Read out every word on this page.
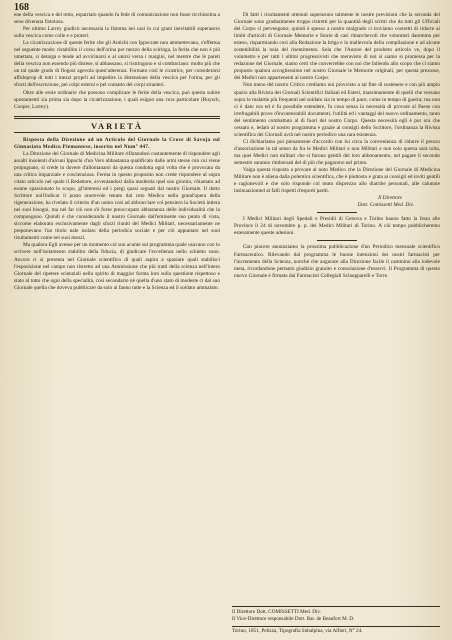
168

ene della vescica e del retto, espatriato quando fa fede di comunicazione non fosse ricchissima a seno divenuta fistolosa.

Per ultimo Larrey giudicò necessaria la fistoma nei casi in cui grani inevitabili superasero sulla vescica come colle e e proteri.

La cicatrizzazione di queste ferite che gli Antichi con Ippocrate non ammettevano, s'effettua nel seguente modo: ristabilito il corso dell'orina per mezzo della sciringa, la ferita che non è più umettata, si detarga e tende ad avvicinarsi e al unirsi versa i margini, nel mentre che le pareti della vescica non essendo più distese, si abbassano, si ristringono e si combaciano: molto più che un tal quale grado di flogosi agevola quest'aderenza. Formato così le cicatrice, per considerarsi affidoprop di tutti i mezzi proprii ad impedire la distensione della vescica per l'orina, per gli sforzi dell'escrezione, pei colpi esterni e pel contatto dei corpi stranieri.

Oltre alle eroie ordinarie che possono complicare le ferite della vescica, può questa subire spostamenti sia prima sia dopo la cicatrizzazione, i quali esigon una cura particolare (Ruysch, Cooper, Larrey).

VARIETÀ

Risposta della Direzione ad un Articolo del Giornale la Croce di Savoja sul Ginnasiato Medico Piemontese, inserito nel Num° 447.

La Direzione del Giornale di Medicina Militare riflutandosi costantemente di rispondere agli assalti insolenti d'alcuni Ippochi d'un Vero abbastanza qualificato dalle armi stesse con cui viene propugnato, si crede in dovere d'allontanarsi da questa condotta ogni volta che è provocata da una critica imparziale e coscienziosa. Ferma in questo proposito non crede rispondere al sopra citato articolo nel quale il Redattore, avventandosi dalla modestia quel suo giornio, chiamato ad esame spassionato lo scopo, gl'interessi ed i pregi quasi seguati dal nostro Giornale. Il dotto Scrittore noll'indicar il posto onorevole tenuto dal ceto Medico nella grand'opera della rigenerazione, ha rivelato il criterio d'un uomo così ad abbracciare col pensiero la Società intiera nei suoi bisogni, ma nel far ciò non s'è forse preoccupato abbastanza delle individualità che la compongono. Quindi è che considerando il nostro Giornale dall'eminente suo punto di vista, siccome elaborato esclusivamente dagli sforzi riuniti dei Medici Militari, necessariamente ne preponevano l'un titolo nale isolato della periodica sociale e per ciò appuntato nel suoi risultamenti come nei suoi mezzi.

Ma qualora Egli avesse per un momento col suo acume sul programma quale usavano con lo scrivere nell'isolamento stabilito della fiducia, di giudicare l'eccellenza nello schietto sono. Ancora ci si presenta nel Giornale scientifico di quali aspira a spaziare quali stabilisci l'esposizione nel campo non ristretto ad una Ammissione che più tratti della scienza nell'intero Giornale del ripetere scienziali nello spirito di maggior forma loro sulla questione rispettoso e stato al tutto che ogni della specialità, così secondario nè quella d'uno stato di modeste ci dal suo Giornale quella che doveva pubblicare da solo ai fanno tutte e la Scienza ed il soldato ammalato.

Di fatti i risultamenti ottenuti superarono talmente le nostre previsioni che la seconda del Giornale sono gradualmente troppo ristretti per la quantità degli scritti che da tutti gli Ufficiali del Corpo ci pervengono; quindi è spesso a nostro malgrado ci troviamo costretti di ridurre ai limiti d'articoli di Giornale Memorie e Storie di casi rimarchevoli che volontieri daremmo per esteso, risparmiando così alla Redazione la briga e la mallevoria della compilazione e ad alcune sostenibilità la noia del risentimento. Sola che l'Autore del prodotto articolo ve, dopo il volumetto e per tutti i ultimi progressivisti che meravisto di noi si siamo si promessa per la redazione del Giornale, siamo certi che converrebbe con noi che fallendo allo scopo che ci siamo proposto qualora accogliessimo nel nostro Giornale le Memorie originali, per questa prezosse, dei Medici non appartenenti al nostro Corpo.

Non meno del nostro Critico crediamo noi provvisto a tal fine di sostenere e con più ampio spazio alla Rivista dei Giornali Scientifici Italiani ed Esteri, massimamente di quelli che versano sopra le malattie più frequenti nel soldato sia in tempo di pace, come in tempo di guerra; ma non ci è dato ora ed è fu possibile estendere, fu cosa senza la necessità di provare al Paese con irrefragabili prove d'incontestabili documenti, l'utilità ed i vantaggi del nuovo ordinamento, tanto del sentimento combattuto al di fuori del nostro Corpo. Questa necessità egli è pur ora che cessato e, ledato al nostro programma e grazie ai consigli dello Scrittore, l'ordinanza la Rivista scientifica dei Giornali avrà nel nostro periodico una rara esistenza.

Ci dichiariamo poi pienamente d'accordo con lui circa la convenienza di ridurre il prezzo d'associazione in tal senso da fra le Medici Militari e non Militari e non solo questa sarà tolta, ma quei Medici non militari che si furono gentili del loro abbonamento, nel pagare il secondo semestre saranno rimborsati del di più che pagarono nel primo.

Valga questa risposta a provare al noto Medico che la Direzione del Giornale di Medicina Militare non è aliena dalla polemica scientifica, che è piuttosto e grata ai consigli ed inviti gentili e ragionevoli e che solo risponde col muto disprezzo allo diatribe personali, alle calunnie insinuazionied ai falli rispetti d'esporti pariti.

Il Direttore
Dott. Comissetti Med. Div.

I Medici Militari degli Spedali e Presidii di Genova e Torino hanno fatto la festa alle Province il 24 di novembre p. p. dei Medici Militari di Torino. A ciò tempo pubblicheremo estesamente queste adesioni.

Con piacere annunziamo la prossima pubblicazione d'un Periodico mensuale scientifico Farmaceutico. Rilevando dal programma le buone intenzioni dei nostri farmacisti per l'incremento della Scienza, nonché che augurare alla Direzione facile il cammino alla lodevole meta, ricordandone pertanto giudizio gratuito e consolazione d'esservi. Il Programma di questo nuovo Giornale è firmato dai Farmacisti Collegiali Sclaupparelli e Torre.

Il Direttore Dott. COMISSETTI Med. Div.
Il Vice-Direttore responsabile Dott. Bar. de Beaufort M. D.
Torino, 1851, Pelizza, Tipografia Subalpina, via Alfieri, N° 24.
